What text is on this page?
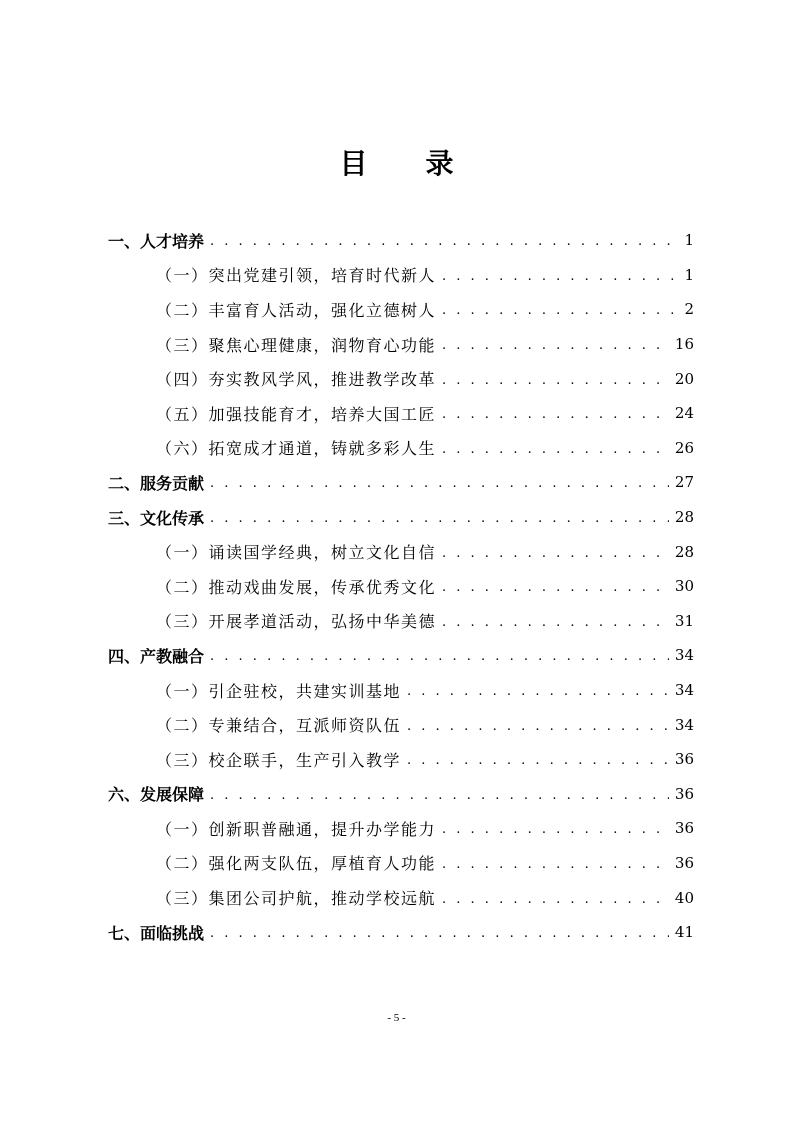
目 录
一、人才培养 . . .	1
（一）突出党建引领，培育时代新人 . . .	1
（二）丰富育人活动，强化立德树人 . . .	2
（三）聚焦心理健康，润物育心功能 . . .	16
（四）夯实教风学风，推进教学改革 . . .	20
（五）加强技能育才，培养大国工匠 . . .	24
（六）拓宽成才通道，铸就多彩人生 . . .	26
二、服务贡献 . . .	27
三、文化传承 . . .	28
（一）诵读国学经典，树立文化自信 . . .	28
（二）推动戏曲发展，传承优秀文化 . . .	30
（三）开展孝道活动，弘扬中华美德 . . .	31
四、产教融合 . . .	34
（一）引企驻校，共建实训基地 . . .	34
（二）专兼结合，互派师资队伍 . . .	34
（三）校企联手，生产引入教学 . . .	36
六、发展保障 . . .	36
（一）创新职普融通，提升办学能力 . . .	36
（二）强化两支队伍，厚植育人功能 . . .	36
（三）集团公司护航，推动学校远航 . . .	40
七、面临挑战 . . .	41
- 5 -
